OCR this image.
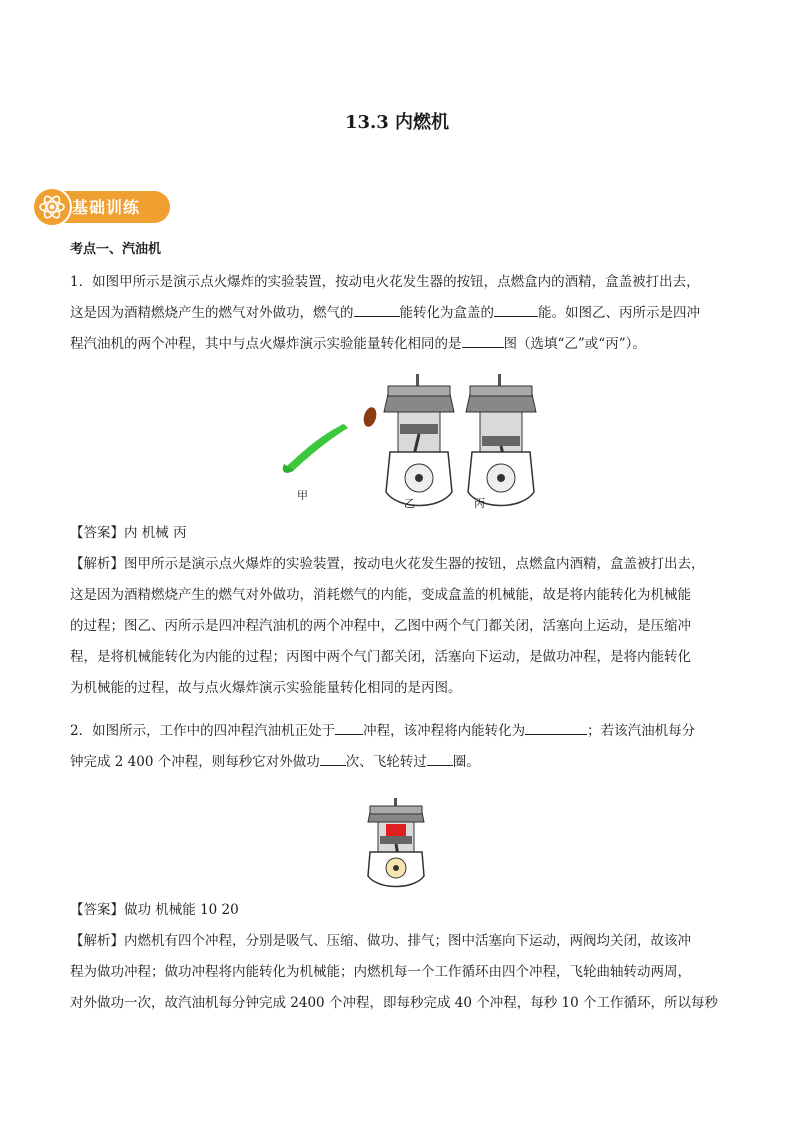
13.3 内燃机
基础训练

考点一、汽油机

1．如图甲所示是演示点火爆炸的实验装置，按动电火花发生器的按钮，点燃盒内的酒精，盒盖被打出去，

这是因为酒精燃烧产生的燃气对外做功，燃气的	能转化为盒盖的	能。如图乙、丙所示是四冲

程汽油机的两个冲程，其中与点火爆炸演示实验能量转化相同的是	图（选填“乙”或“丙”）。

甲
乙	丙

【答案】内 机械 丙

【解析】图甲所示是演示点火爆炸的实验装置，按动电火花发生器的按钮，点燃盒内酒精，盒盖被打出去，

这是因为酒精燃烧产生的燃气对外做功，消耗燃气的内能，变成盒盖的机械能，故是将内能转化为机械能

的过程；图乙、丙所示是四冲程汽油机的两个冲程中，乙图中两个气门都关闭，活塞向上运动，是压缩冲

程，是将机械能转化为内能的过程；丙图中两个气门都关闭，活塞向下运动，是做功冲程，是将内能转化

为机械能的过程，故与点火爆炸演示实验能量转化相同的是丙图。

2．如图所示，工作中的四冲程汽油机正处于 冲程，该冲程将内能转化为	；若该汽油机每分

钟完成 2 400 个冲程，则每秒它对外做功 次、飞轮转过 圈。

【答案】做功 机械能 10 20

【解析】内燃机有四个冲程，分别是吸气、压缩、做功、排气；图中活塞向下运动，两阀均关闭，故该冲

程为做功冲程；做功冲程将内能转化为机械能；内燃机每一个工作循环由四个冲程，飞轮曲轴转动两周，

对外做功一次，故汽油机每分钟完成 2400 个冲程，即每秒完成 40 个冲程，每秒 10 个工作循环，所以每秒
